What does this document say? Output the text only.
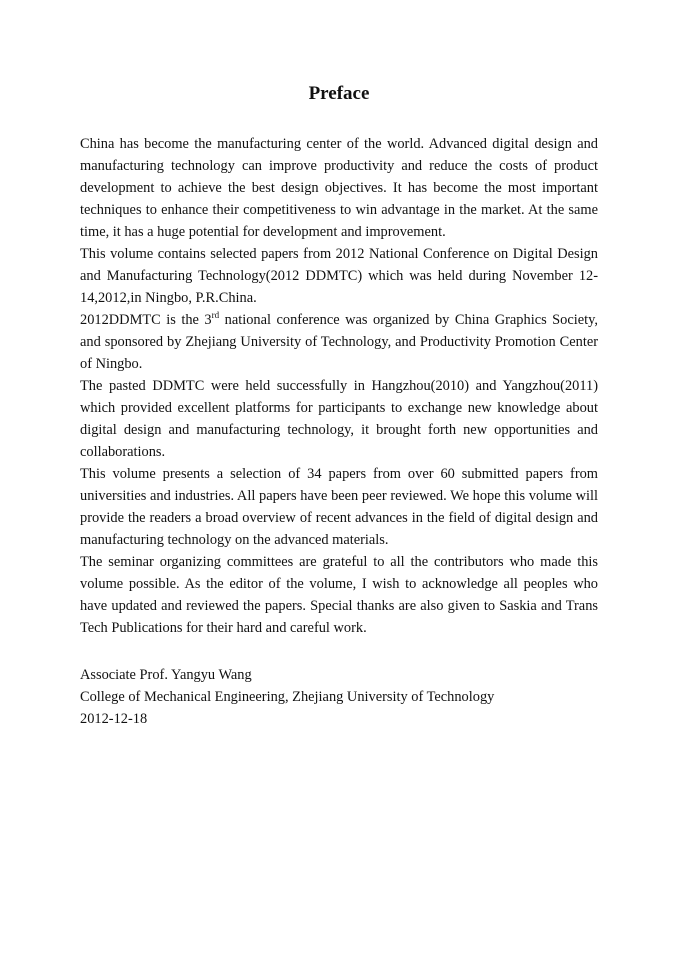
Preface

China has become the manufacturing center of the world. Advanced digital design and manufacturing technology can improve productivity and reduce the costs of product development to achieve the best design objectives. It has become the most important techniques to enhance their competitiveness to win advantage in the market. At the same time, it has a huge potential for development and improvement.

This volume contains selected papers from 2012 National Conference on Digital Design and Manufacturing Technology(2012 DDMTC) which was held during November 12-14,2012,in Ningbo, P.R.China.

2012DDMTC is the 3rd national conference was organized by China Graphics Society, and sponsored by Zhejiang University of Technology, and Productivity Promotion Center of Ningbo.

The pasted DDMTC were held successfully in Hangzhou(2010) and Yangzhou(2011) which provided excellent platforms for participants to exchange new knowledge about digital design and manufacturing technology, it brought forth new opportunities and collaborations.

This volume presents a selection of 34 papers from over 60 submitted papers from universities and industries. All papers have been peer reviewed. We hope this volume will provide the readers a broad overview of recent advances in the field of digital design and manufacturing technology on the advanced materials.

The seminar organizing committees are grateful to all the contributors who made this volume possible. As the editor of the volume, I wish to acknowledge all peoples who have updated and reviewed the papers. Special thanks are also given to Saskia and Trans Tech Publications for their hard and careful work.

Associate Prof. Yangyu Wang
College of Mechanical Engineering, Zhejiang University of Technology
2012-12-18
